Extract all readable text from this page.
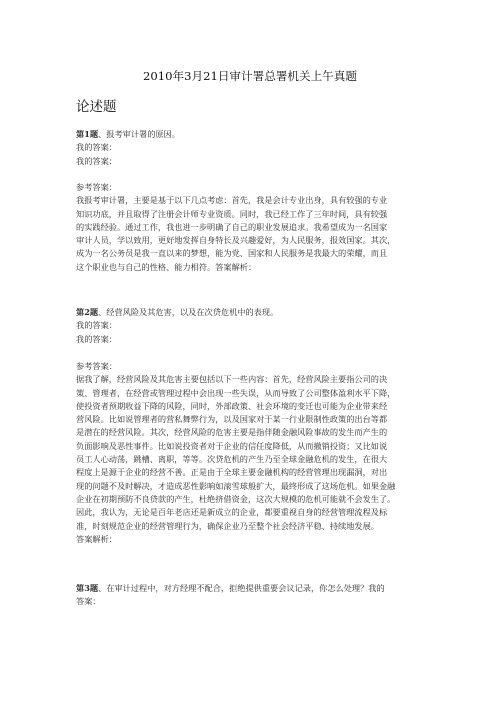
2010年3月21日审计署总署机关上午真题
论述题

第1题、报考审计署的原因。

我的答案：

我的答案：

参考答案：

我报考审计署，主要是基于以下几点考虑：首先，我是会计专业出身，具有较强的专业

知识功底，并且取得了注册会计师专业资质。同时，我已经工作了三年时间，具有较强

的实践经验。通过工作，我也进一步明确了自己的职业发展追求。我希望成为一名国家

审计人员，学以致用，更好地发挥自身特长及兴趣爱好，为人民服务，报效国家。其次，

成为一名公务员是我一直以来的梦想，能为党、国家和人民服务是我最大的荣耀，而且

这个职业也与自己的性格、能力相符。答案解析：

第2题、经营风险及其危害，以及在次贷危机中的表现。

我的答案：

我的答案：

参考答案：

据我了解，经营风险及其危害主要包括以下一些内容：首先，经营风险主要指公司的决

策、管理者，在经营或管理过程中会出现一些失误，从而导致了公司整体盈利水平下降，

使投资者预期收益下降的风险，同时，外部政策、社会环境的变迁也可能为企业带来经

营风险。比如说管理者的营私舞弊行为，以及国家对于某一行业限制性政策的出台等都

是潜在的经营风险。其次，经营风险的危害主要是指伴随金融风险事故的发生而产生的

负面影响及恶性事件。比如说投资者对于企业的信任度降低，从而撤销投资；又比如说

员工人心动荡，跳槽、离职，等等。次贷危机的产生乃至全球金融危机的发生，在很大

程度上是源于企业的经营不善。正是由于全球主要金融机构的经营管理出现漏洞，对出

现的问题不及时解决，才造成恶性影响如滚雪球般扩大，最终形成了这场危机。如果金融

企业在初期预防不良贷款的产生，杜绝挤借资金，这次大规模的危机可能就不会发生了。

因此，我认为，无论是百年老店还是新成立的企业，都要重视自身的经营管理流程及标

准，时刻规范企业的经营管理行为，确保企业乃至整个社会经济平稳、持续地发展。

答案解析：

第3题、在审计过程中，对方经理不配合，拒绝提供重要会议记录，你怎么处理？我的

答案：
